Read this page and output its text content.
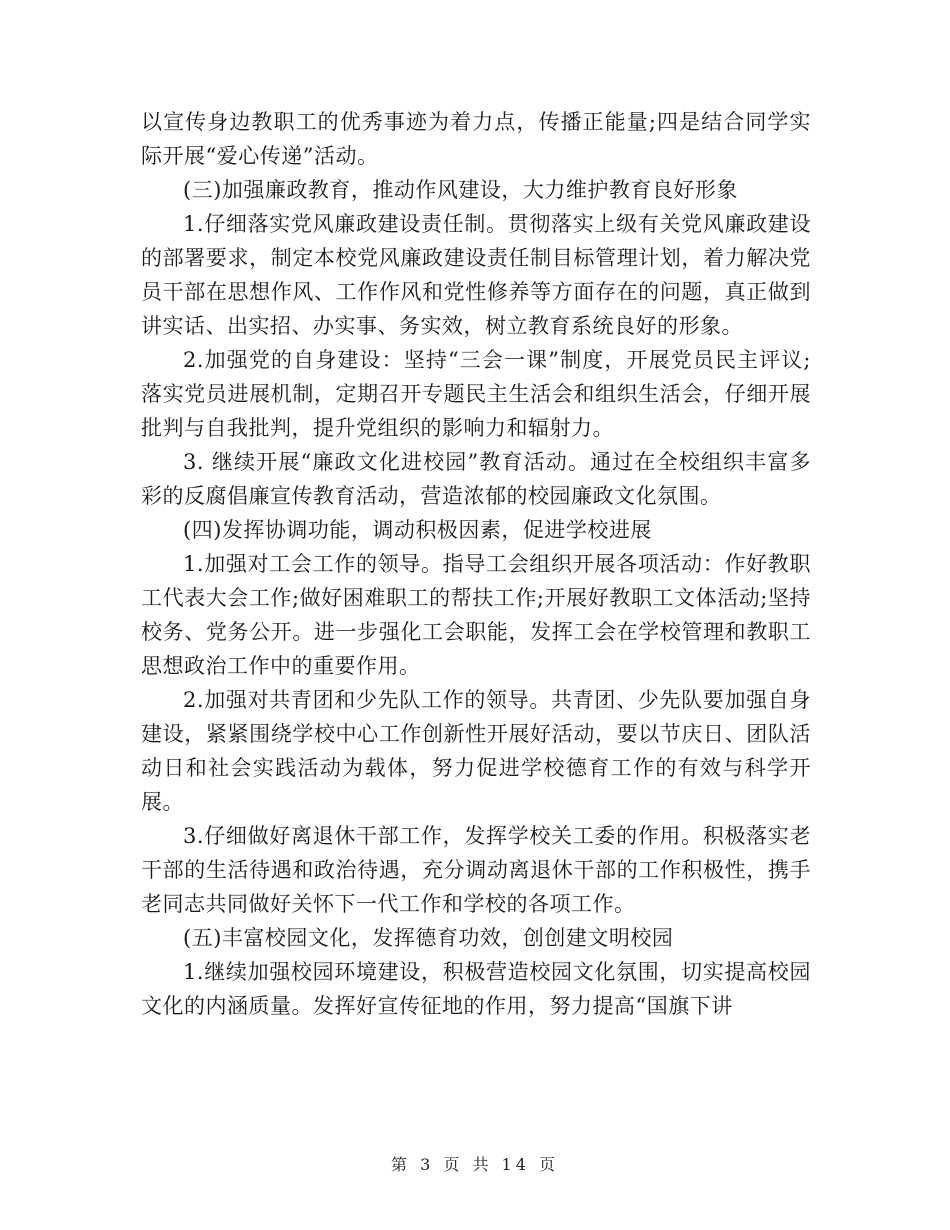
以宣传身边教职工的优秀事迹为着力点，传播正能量;四是结合同学实际开展“爱心传递”活动。

(三)加强廉政教育，推动作风建设，大力维护教育良好形象

1.仔细落实党风廉政建设责任制。贯彻落实上级有关党风廉政建设的部署要求，制定本校党风廉政建设责任制目标管理计划，着力解决党员干部在思想作风、工作作风和党性修养等方面存在的问题，真正做到讲实话、出实招、办实事、务实效，树立教育系统良好的形象。

2.加强党的自身建设：坚持“三会一课”制度，开展党员民主评议;落实党员进展机制，定期召开专题民主生活会和组织生活会，仔细开展批判与自我批判，提升党组织的影响力和辐射力。

3. 继续开展“廉政文化进校园”教育活动。通过在全校组织丰富多彩的反腐倡廉宣传教育活动，营造浓郁的校园廉政文化氛围。

(四)发挥协调功能，调动积极因素，促进学校进展

1.加强对工会工作的领导。指导工会组织开展各项活动：作好教职工代表大会工作;做好困难职工的帮扶工作;开展好教职工文体活动;坚持校务、党务公开。进一步强化工会职能，发挥工会在学校管理和教职工思想政治工作中的重要作用。

2.加强对共青团和少先队工作的领导。共青团、少先队要加强自身建设，紧紧围绕学校中心工作创新性开展好活动，要以节庆日、团队活动日和社会实践活动为载体，努力促进学校德育工作的有效与科学开展。

3.仔细做好离退休干部工作，发挥学校关工委的作用。积极落实老干部的生活待遇和政治待遇，充分调动离退休干部的工作积极性，携手老同志共同做好关怀下一代工作和学校的各项工作。

(五)丰富校园文化，发挥德育功效，创创建文明校园

1.继续加强校园环境建设，积极营造校园文化氛围，切实提高校园文化的内涵质量。发挥好宣传征地的作用，努力提高“国旗下讲

第 3 页 共 14 页
